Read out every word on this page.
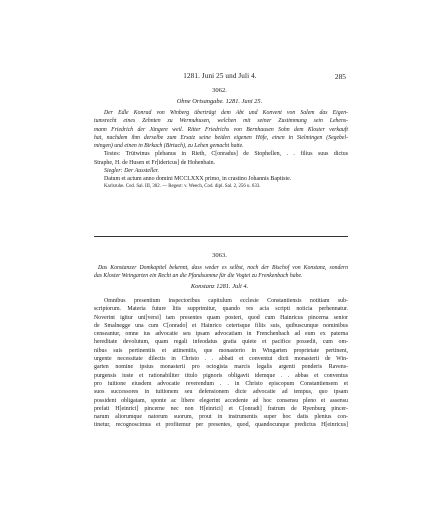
1281. Juni 25 und Juli 4.	285
3062.
Ohne Ortsangabe. 1281. Juni 25.
Der Edle Konrad von Winberg überträgt dem Abt und Konvent von Salem das Eigen-
tumsrecht eines Zehnten zu Wermuhusen, welchen mit seiner Zustimmung sein Lehens-
mann Friedrich der Jüngere weil. Ritter Friedrichs von Bernhausen Sohn dem Kloster verkauft
hat, nachdem ihm derselbe zum Ersatz seine beiden eigenen Höfe, einen in Sielmingen (Segebel-
mingen) und einen in Birkach (Birtach), zu Lehen gemacht hatte.
Testes: Trütwinus plebanus in Rieth, C[onradus] de Stophellen, . . filius suus dictus
Straphe, H. de Husen et Fr[idericus] de Hohenbain.
Siegler: Der Aussteller.
Datum et actum anno domini MCCLXXX primo, in crastino Johannis Baptiste.
Karlsruhe. Cod. Sal. III, 302. — Regest: v. Weech, Cod. dipl. Sal. 2, 256 u. 633.
3063.
Das Konstanzer Domkapitel bekennt, dass weder es selbst, noch der Bischof von Konstanz, sondern
das Kloster Weingarten ein Recht an die Pfandsumme für die Vogtei zu Frenkenbach habe.
Konstanz 1281. Juli 4.
Omnibus presentium inspectoribus capitulum ecclesie Constantiensis notitiam sub-
scriptorum. Materia future litis supprimitur, quando res acta scripti noticia perhennatur.
Noverint igitur uni[versi] tam presentes quam posteri, quod cum Hainricus pincerna senior
de Smalnegge una cum C[onrado] et Hainrico ceterisque filiis suis, quibuscunque nominibus
censeantur, omne ius advocatie seu ipsam advocatiam in Frenchenbach ad eum ex paterna
hereditate devolutum, quam regali infeodatus gratia quiete et pacifice possedit, cum om-
nibus suis pertinentiis et attinentiis, que monasterio in Wingarten proprietate pertinent,
urgente necessitate dilectis in Christo . . abbati et conventui dicti monasterii de Win-
garten nomine ipsius monasterii pro octogista marcis legalis argenti ponderis Ravens-
purgensis iuste et rationabiliter titulo pignoris obligavit idemque . . abbas et conventus
pro tuitione eiusdem advocatie reverendum . . in Christo episcopum Constantiensem et
suos successores in tuitionem seu defensionem dicte advocatie ad tempus, quo ipsam
possident obligatam, sponte ac libere elegerint accedente ad hoc consensu pleno et assensu
prefati H[einrici] pincerne nec non H[einrici] et C[onradi] fratrum de Ryenburg pincer-
narum aliorumque natorum suorum, prout in instrumentis super hoc datis plenius con-
tinetur, recognoscimus et profitemur per presentes, quod, quandocunque predictus H[einricus]
